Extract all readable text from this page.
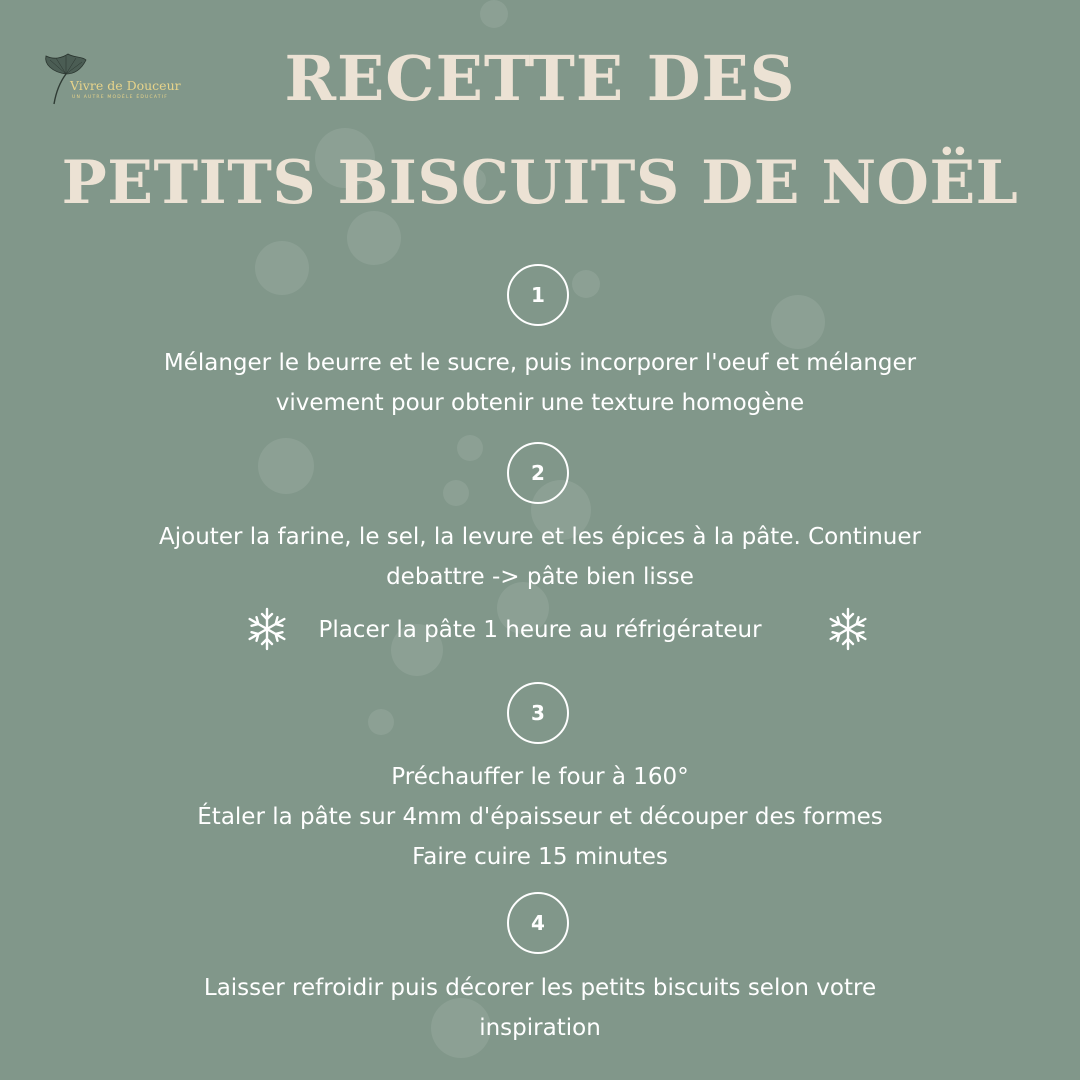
Vivre de Douceur
UN AUTRE MODÈLE ÉDUCATIF	RECETTE DES
PETITS BISCUITS DE NOËL
1
Mélanger le beurre et le sucre, puis incorporer l'oeuf et mélanger
vivement pour obtenir une texture homogène
2
Ajouter la farine, le sel, la levure et les épices à la pâte. Continuer
debattre -> pâte bien lisse
Placer la pâte 1 heure au réfrigérateur
3
Préchauffer le four à 160°
Étaler la pâte sur 4mm d'épaisseur et découper des formes
Faire cuire 15 minutes
4
Laisser refroidir puis décorer les petits biscuits selon votre
inspiration
